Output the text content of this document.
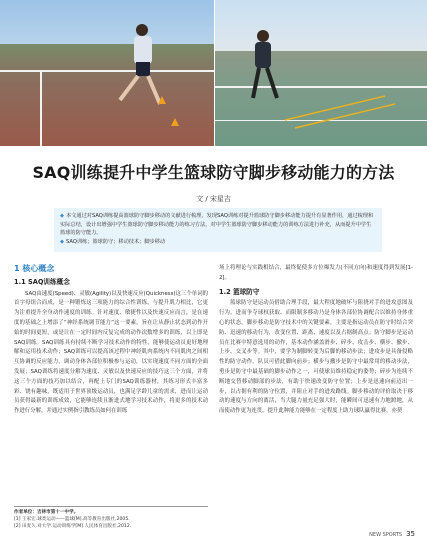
SAQ训练提升中学生篮球防守脚步移动能力的方法
文 / 宋星吉
◆ 本文通过对SAQ训练提高篮球防守脚步移动的文献进行梳理，发现SAQ训练对提升篮球防守脚步移动能力提升有显著作用，通过梳理和实际总结，设计出增强中学生篮球防守脚步移动能力的练习方法，对中学生篮球防守脚步移动能力的训练方法进行补充，从而提升中学生篮球的防守能力。
◆ SAQ训练；篮球防守；移动技术；脚步移动
1 核心概念
1.1 SAQ训练概念

SAQ由速度(Speed)、灵敏(Agility)以及快速反应(Quickness)这三个单词的首字母组合而成，是一种锻炼这三项能力的综合性训练，与提升肌力相比，它更为注重提升全身动作速度的训练。针对速度、敏捷性以及快速反应而言，是在速度的基础之上增添了“神经系统调节能力”这一要素，旨在让从静止状态到动作开始的时间更短，或是让在一定时间内反复完成的动作次数增多的训练，以上即是SAQ训练。SAQ训练具有持续不断学习技术动作的特性，能够使运动员更好地理解和运用技术动作；SAQ训练可以提高该过程中神经肌肉系统内不同肌肉之间相互协调的反应能力，调动身体各部位积极参与运动，以实现速度不同方面的全面发展；SAQ训练将速度分解为速度、灵敏以及快速反应的技巧这三个方面，并将这三个方面的技巧加以结合，再配上专门的SAQ训练器材，其练习形式丰富多彩、饶有趣味，既适用于世界顶级运动员，也满足学龄儿童的需求，进而让运动员获得最新的训练成效，它能够连续且渐进式地学习技术动作，将更多的技术动作进行分解，并通过实例指引教练员如何在训练

场上将理论与实践相结合，最终促使多方位爆发力(不同方向)和速度得到发展[1-2]。

1.2 篮球防守

篮球防守是运动员借助合理手段，最大程度地破坏与阻挠对手的进攻意图及行为，进而争夺球权获取、而限制多移动乃是身体各部位协调配合以维持身体重心的状态。脚步移动是防守技术中的关键要素，主要是指运动员在防守时结合突防、迅速的移动行为，改变位置、距离、速度以及占据制高点；防守脚步是运动员在比赛中特意选用的动作，基本动作涵盖滑步、碎步、攻击步、横步、撤步、上步、交叉步等。其中，要学为制脚转变为后脚的移动步法；进攻步是具备侵略性的防守动作，队员可借此脚向前步；横步与撤步是防守中最常用的移动步法，勇步是防守中最基础的脚步动作之一，可使球员维持稳定的姿势；碎步为连续不断地交替移动脚部的步法，有助于快速改变防守位置；上步是迅速向前迈出一步，以占据有利的防守位置，并阻止对手的进攻路线。脚步移动的评价取决于移动的速度与方向的离活，当大腿力量充足强大时，能瞬间可迅速有力地蹬地，从而使动作更为连贯，提升此种能力能够在一定程度上助力球队赢得比赛，亦契

作者单位：吉林市第十一中学。
[1] 王家宏.球类运动——篮球[M].高等教育出版社,2005.
[2] 田麦久.对大学.运动训练学[M].人民体育出版社,2012.
NEW SPORTS 35
